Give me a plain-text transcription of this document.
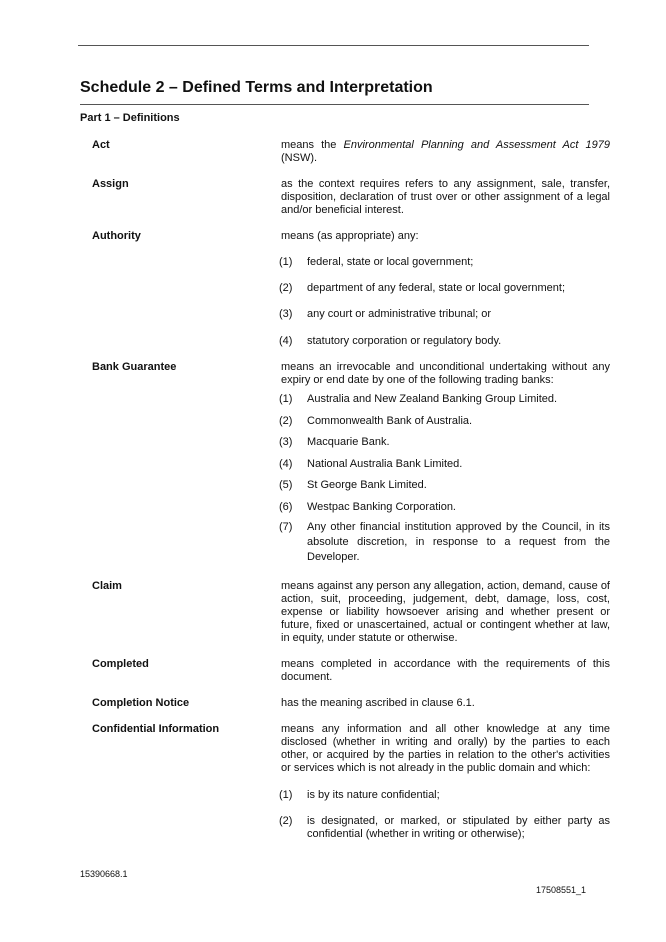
Schedule 2 – Defined Terms and Interpretation
Part 1 – Definitions
Act	means the Environmental Planning and Assessment Act 1979 (NSW).
Assign	as the context requires refers to any assignment, sale, transfer, disposition, declaration of trust over or other assignment of a legal and/or beneficial interest.
Authority	means (as appropriate) any:
(1) federal, state or local government;
(2) department of any federal, state or local government;
(3) any court or administrative tribunal; or
(4) statutory corporation or regulatory body.
Bank Guarantee	means an irrevocable and unconditional undertaking without any expiry or end date by one of the following trading banks:
(1) Australia and New Zealand Banking Group Limited.
(2) Commonwealth Bank of Australia.
(3) Macquarie Bank.
(4) National Australia Bank Limited.
(5) St George Bank Limited.
(6) Westpac Banking Corporation.
(7) Any other financial institution approved by the Council, in its absolute discretion, in response to a request from the Developer.
Claim	means against any person any allegation, action, demand, cause of action, suit, proceeding, judgement, debt, damage, loss, cost, expense or liability howsoever arising and whether present or future, fixed or unascertained, actual or contingent whether at law, in equity, under statute or otherwise.
Completed	means completed in accordance with the requirements of this document.
Completion Notice	has the meaning ascribed in clause 6.1.
Confidential Information	means any information and all other knowledge at any time disclosed (whether in writing and orally) by the parties to each other, or acquired by the parties in relation to the other's activities or services which is not already in the public domain and which:
(1) is by its nature confidential;
(2) is designated, or marked, or stipulated by either party as confidential (whether in writing or otherwise);
15390668.1
17508551_1
